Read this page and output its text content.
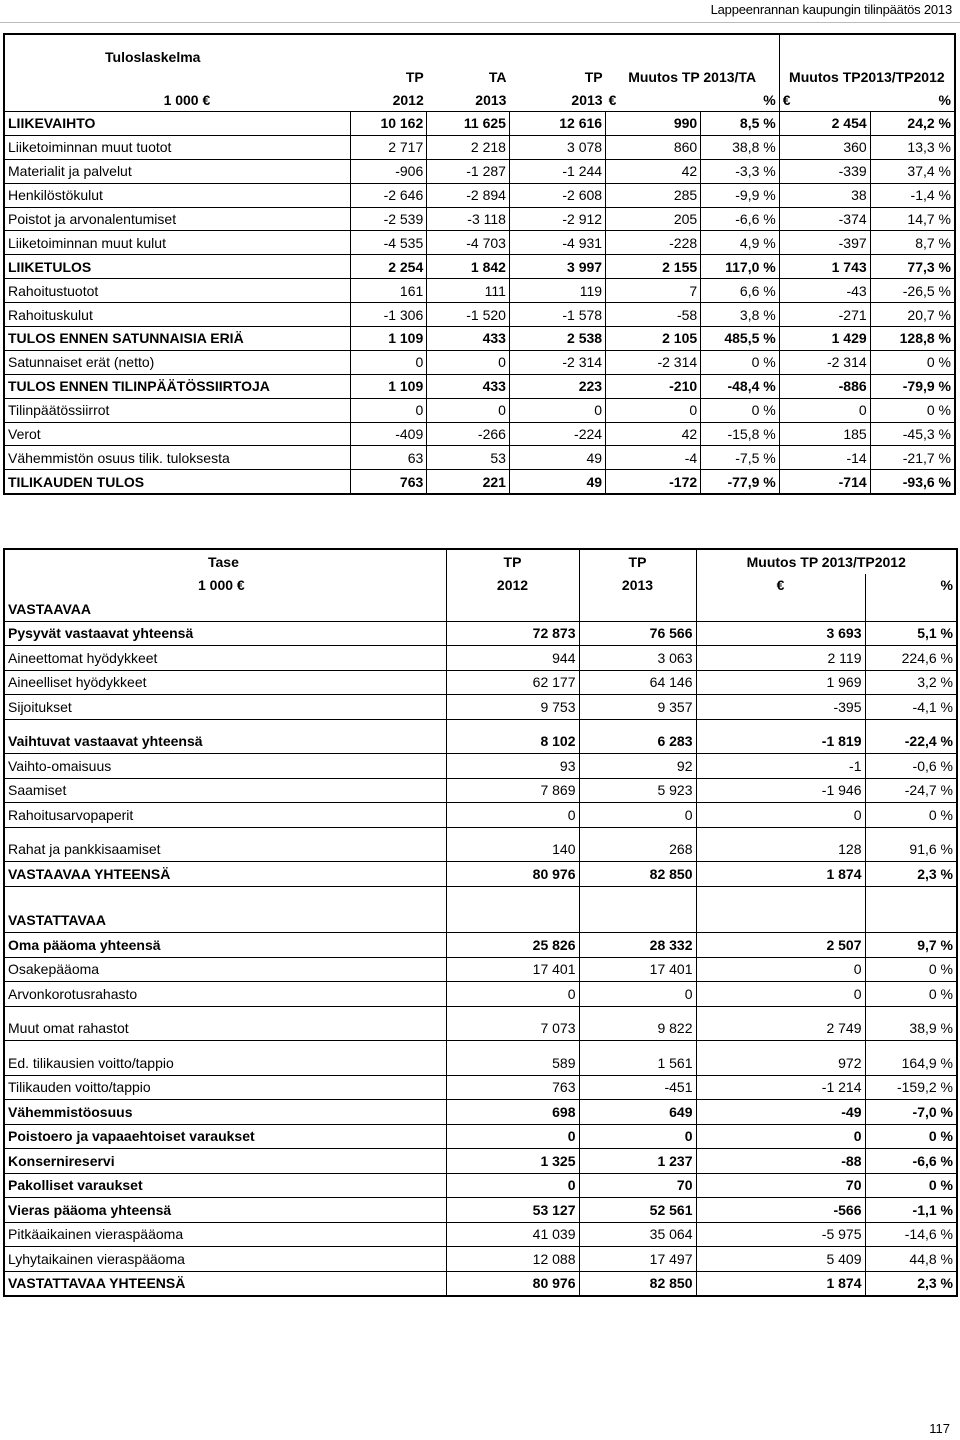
Lappeenrannan kaupungin tilinpäätös 2013
Tuloslaskelma							
	TP	TA	TP	Muutos TP 2013/TA		Muutos TP2013/TP2012	
1 000 €	2012	2013	2013	€	%	€	%
LIIKEVAIHTO	10 162	11 625	12 616	990	8,5 %	2 454	24,2 %
Liiketoiminnan muut tuotot	2 717	2 218	3 078	860	38,8 %	360	13,3 %
Materialit ja palvelut	-906	-1 287	-1 244	42	-3,3 %	-339	37,4 %
Henkilöstökulut	-2 646	-2 894	-2 608	285	-9,9 %	38	-1,4 %
Poistot ja arvonalentumiset	-2 539	-3 118	-2 912	205	-6,6 %	-374	14,7 %
Liiketoiminnan muut kulut	-4 535	-4 703	-4 931	-228	4,9 %	-397	8,7 %
LIIKETULOS	2 254	1 842	3 997	2 155	117,0 %	1 743	77,3 %
Rahoitustuotot	161	111	119	7	6,6 %	-43	-26,5 %
Rahoituskulut	-1 306	-1 520	-1 578	-58	3,8 %	-271	20,7 %
TULOS ENNEN SATUNNAISIA ERIÄ	1 109	433	2 538	2 105	485,5 %	1 429	128,8 %
Satunnaiset erät (netto)	0	0	-2 314	-2 314	0 %	-2 314	0 %
TULOS ENNEN TILINPÄÄTÖSSIIRTOJA	1 109	433	223	-210	-48,4 %	-886	-79,9 %
Tilinpäätössiirrot	0	0	0	0	0 %	0	0 %
Verot	-409	-266	-224	42	-15,8 %	185	-45,3 %
Vähemmistön osuus tilik. tuloksesta	63	53	49	-4	-7,5 %	-14	-21,7 %
TILIKAUDEN TULOS	763	221	49	-172	-77,9 %	-714	-93,6 %
Tase	TP	TP	Muutos TP 2013/TP2012	
1 000 €	2012	2013	€	%
VASTAAVAA				
Pysyvät vastaavat yhteensä	72 873	76 566	3 693	5,1 %
Aineettomat hyödykkeet	944	3 063	2 119	224,6 %
Aineelliset hyödykkeet	62 177	64 146	1 969	3,2 %
Sijoitukset	9 753	9 357	-395	-4,1 %

Vaihtuvat vastaavat yhteensä	8 102	6 283	-1 819	-22,4 %
Vaihto-omaisuus	93	92	-1	-0,6 %
Saamiset	7 869	5 923	-1 946	-24,7 %
Rahoitusarvopaperit	0	0	0	0 %

Rahat ja pankkisaamiset	140	268	128	91,6 %
VASTAAVAA YHTEENSÄ	80 976	82 850	1 874	2,3 %

VASTATTAVAA				
Oma pääoma yhteensä	25 826	28 332	2 507	9,7 %
Osakepääoma	17 401	17 401	0	0 %
Arvonkorotusrahasto	0	0	0	0 %

Muut omat rahastot	7 073	9 822	2 749	38,9 %

Ed. tilikausien voitto/tappio	589	1 561	972	164,9 %
Tilikauden voitto/tappio	763	-451	-1 214	-159,2 %
Vähemmistöosuus	698	649	-49	-7,0 %
Poistoero ja vapaaehtoiset varaukset	0	0	0	0 %
Konsernireservi	1 325	1 237	-88	-6,6 %
Pakolliset varaukset	0	70	70	0 %
Vieras pääoma yhteensä	53 127	52 561	-566	-1,1 %
Pitkäaikainen vieraspääoma	41 039	35 064	-5 975	-14,6 %
Lyhytaikainen vieraspääoma	12 088	17 497	5 409	44,8 %
VASTATTAVAA YHTEENSÄ	80 976	82 850	1 874	2,3 %
117
